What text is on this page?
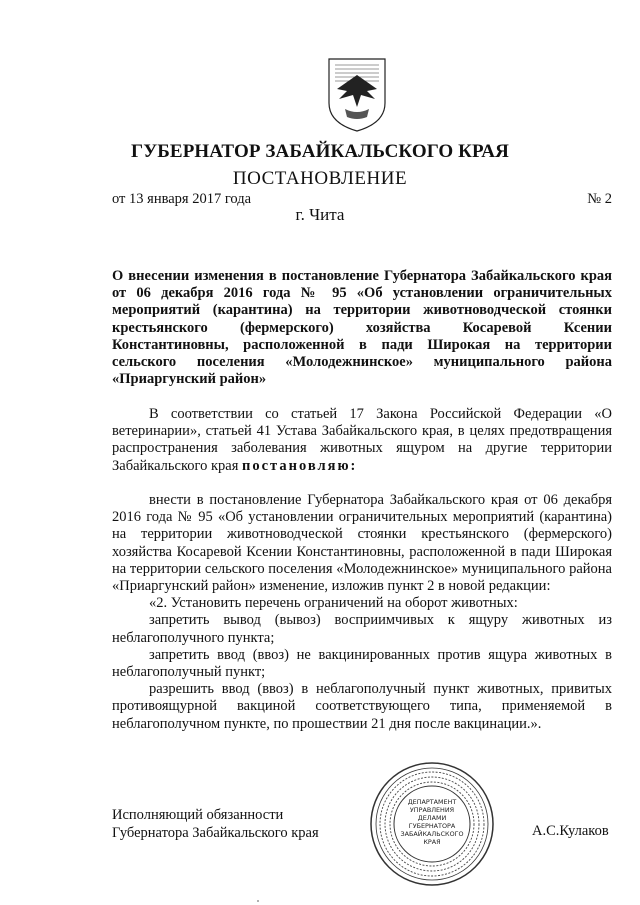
ГУБЕРНАТОР ЗАБАЙКАЛЬСКОГО КРАЯ
ПОСТАНОВЛЕНИЕ
от 13 января 2017 года	№ 2
г. Чита
О внесении изменения в постановление Губернатора Забайкальского края от 06 декабря 2016 года № 95 «Об установлении ограничительных мероприятий (карантина) на территории животноводческой стоянки крестьянского (фермерского) хозяйства Косаревой Ксении Константиновны, расположенной в пади Широкая на территории сельского поселения «Молодежнинское» муниципального района «Приаргунский район»

В соответствии со статьей 17 Закона Российской Федерации «О ветеринарии», статьей 41 Устава Забайкальского края, в целях предотвращения распространения заболевания животных ящуром на другие территории Забайкальского края постановляю:

внести в постановление Губернатора Забайкальского края от 06 декабря 2016 года № 95 «Об установлении ограничительных мероприятий (карантина) на территории животноводческой стоянки крестьянского (фермерского) хозяйства Косаревой Ксении Константиновны, расположенной в пади Широкая на территории сельского поселения «Молодежнинское» муниципального района «Приаргунский район» изменение, изложив пункт 2 в новой редакции:

«2. Установить перечень ограничений на оборот животных:

запретить вывод (вывоз) восприимчивых к ящуру животных из неблагополучного пункта;

запретить ввод (ввоз) не вакцинированных против ящура животных в неблагополучный пункт;

разрешить ввод (ввоз) в неблагополучный пункт животных, привитых противоящурной вакциной соответствующего типа, применяемой в неблагополучном пункте, по прошествии 21 дня после вакцинации.».

Исполняющий обязанности
Губернатора Забайкальского края	А.С.Кулаков
ДЕПАРТАМЕНТ
УПРАВЛЕНИЯ
ДЕЛАМИ
ГУБЕРНАТОРА
ЗАБАЙКАЛЬСКОГО
КРАЯ
